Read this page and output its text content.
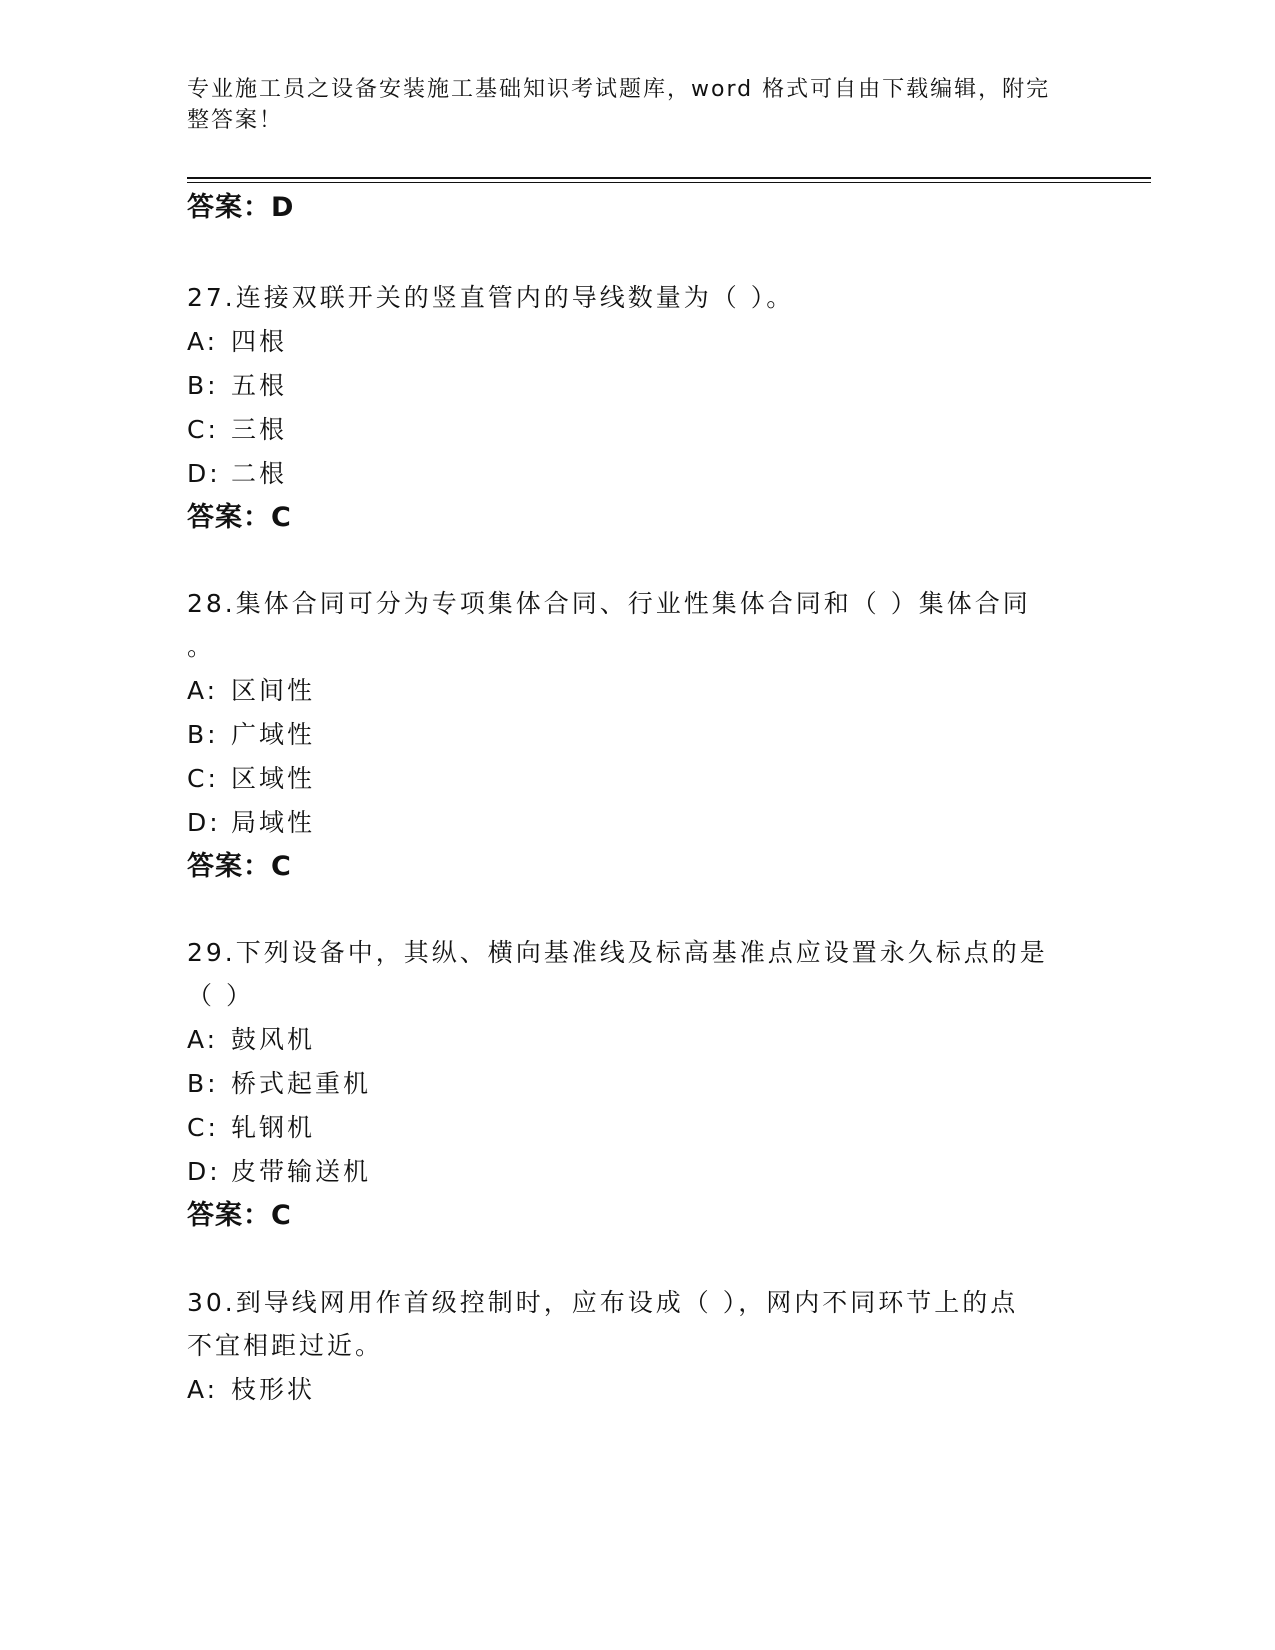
专业施工员之设备安装施工基础知识考试题库，word 格式可自由下载编辑，附完
整答案！
答案：D
27.连接双联开关的竖直管内的导线数量为（ ）。
A: 四根
B: 五根
C: 三根
D: 二根
答案：C
28.集体合同可分为专项集体合同、行业性集体合同和（ ）集体合同
。
A: 区间性
B: 广域性
C: 区域性
D: 局域性
答案：C
29.下列设备中，其纵、横向基准线及标高基准点应设置永久标点的是
（ ）
A: 鼓风机
B: 桥式起重机
C: 轧钢机
D: 皮带输送机
答案：C
30.到导线网用作首级控制时，应布设成（ ），网内不同环节上的点
不宜相距过近。
A: 枝形状
